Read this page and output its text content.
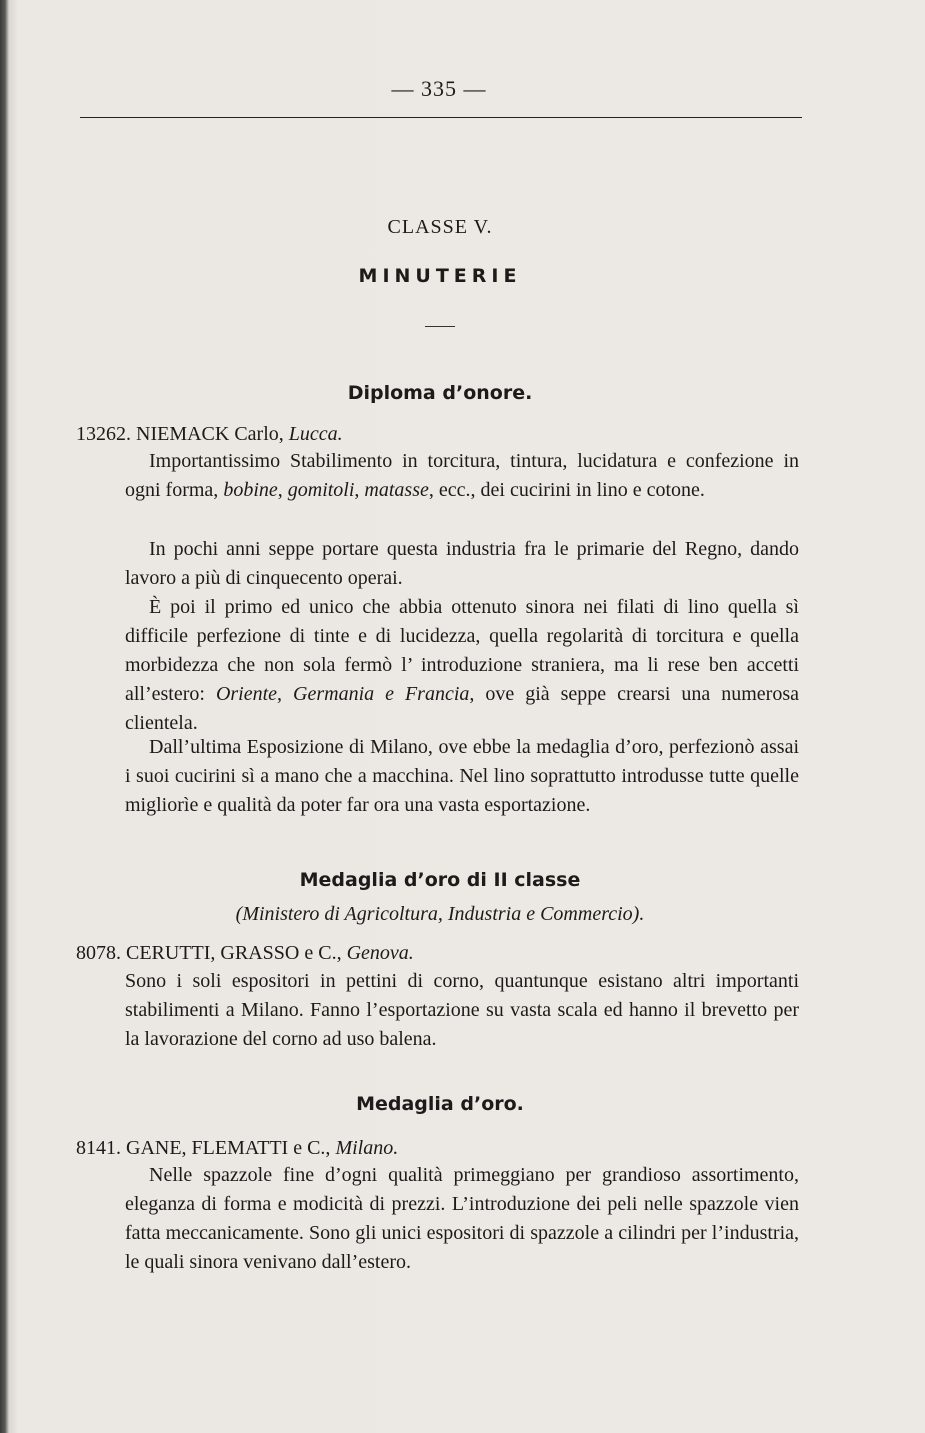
— 335 —
CLASSE V.
MINUTERIE
Diploma d’onore.
13262. NIEMACK Carlo, Lucca.
Importantissimo Stabilimento in torcitura, tintura, lucidatura e confezione in ogni forma, bobine, gomitoli, matasse, ecc., dei cucirini in lino e cotone.
In pochi anni seppe portare questa industria fra le primarie del Regno, dando lavoro a più di cinquecento operai.
È poi il primo ed unico che abbia ottenuto sinora nei filati di lino quella sì difficile perfezione di tinte e di lucidezza, quella regolarità di torcitura e quella morbidezza che non sola fermò l’ introduzione straniera, ma li rese ben accetti all’estero: Oriente, Germania e Francia, ove già seppe crearsi una numerosa clientela.
Dall’ultima Esposizione di Milano, ove ebbe la medaglia d’oro, perfezionò assai i suoi cucirini sì a mano che a macchina. Nel lino soprattutto introdusse tutte quelle migliorìe e qualità da poter far ora una vasta esportazione.
Medaglia d’oro di II classe
(Ministero di Agricoltura, Industria e Commercio).
8078. CERUTTI, GRASSO e C., Genova.
Sono i soli espositori in pettini di corno, quantunque esistano altri importanti stabilimenti a Milano. Fanno l’esportazione su vasta scala ed hanno il brevetto per la lavorazione del corno ad uso balena.
Medaglia d’oro.
8141. GANE, FLEMATTI e C., Milano.
Nelle spazzole fine d’ogni qualità primeggiano per grandioso assortimento, eleganza di forma e modicità di prezzi. L’introduzione dei peli nelle spazzole vien fatta meccanicamente. Sono gli unici espositori di spazzole a cilindri per l’industria, le quali sinora venivano dall’estero.
